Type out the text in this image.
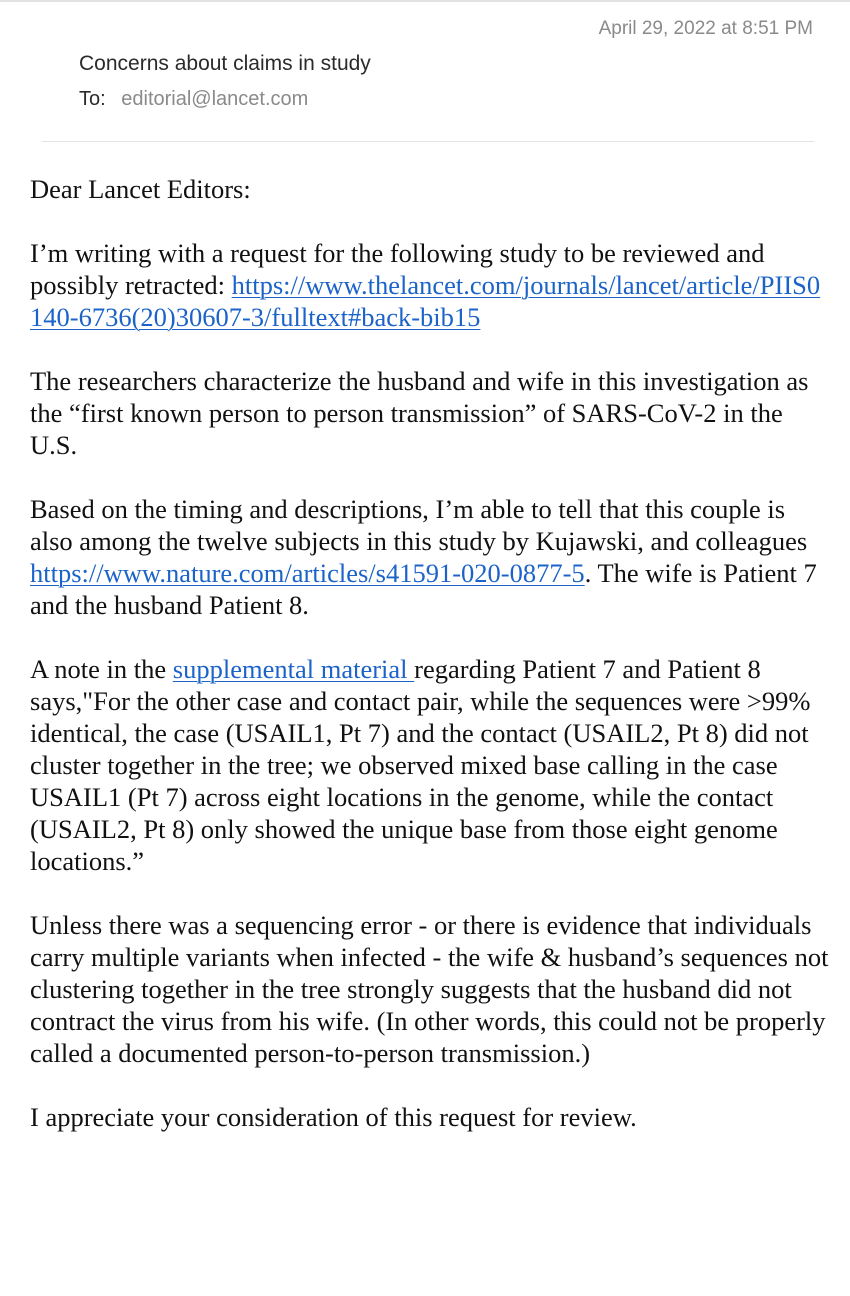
April 29, 2022 at 8:51 PM
Concerns about claims in study
To: editorial@lancet.com

Dear Lancet Editors:

I’m writing with a request for the following study to be reviewed and possibly retracted: https://www.thelancet.com/journals/lancet/article/PIIS0140-6736(20)30607-3/fulltext#back-bib15

The researchers characterize the husband and wife in this investigation as the “first known person to person transmission” of SARS-CoV-2 in the U.S.

Based on the timing and descriptions, I’m able to tell that this couple is also among the twelve subjects in this study by Kujawski, and colleagues https://www.nature.com/articles/s41591-020-0877-5. The wife is Patient 7 and the husband Patient 8.

A note in the supplemental material regarding Patient 7 and Patient 8 says,"For the other case and contact pair, while the sequences were >99% identical, the case (USAIL1, Pt 7) and the contact (USAIL2, Pt 8) did not cluster together in the tree; we observed mixed base calling in the case USAIL1 (Pt 7) across eight locations in the genome, while the contact (USAIL2, Pt 8) only showed the unique base from those eight genome locations.”

Unless there was a sequencing error - or there is evidence that individuals carry multiple variants when infected - the wife & husband’s sequences not clustering together in the tree strongly suggests that the husband did not contract the virus from his wife. (In other words, this could not be properly called a documented person-to-person transmission.)

I appreciate your consideration of this request for review.
